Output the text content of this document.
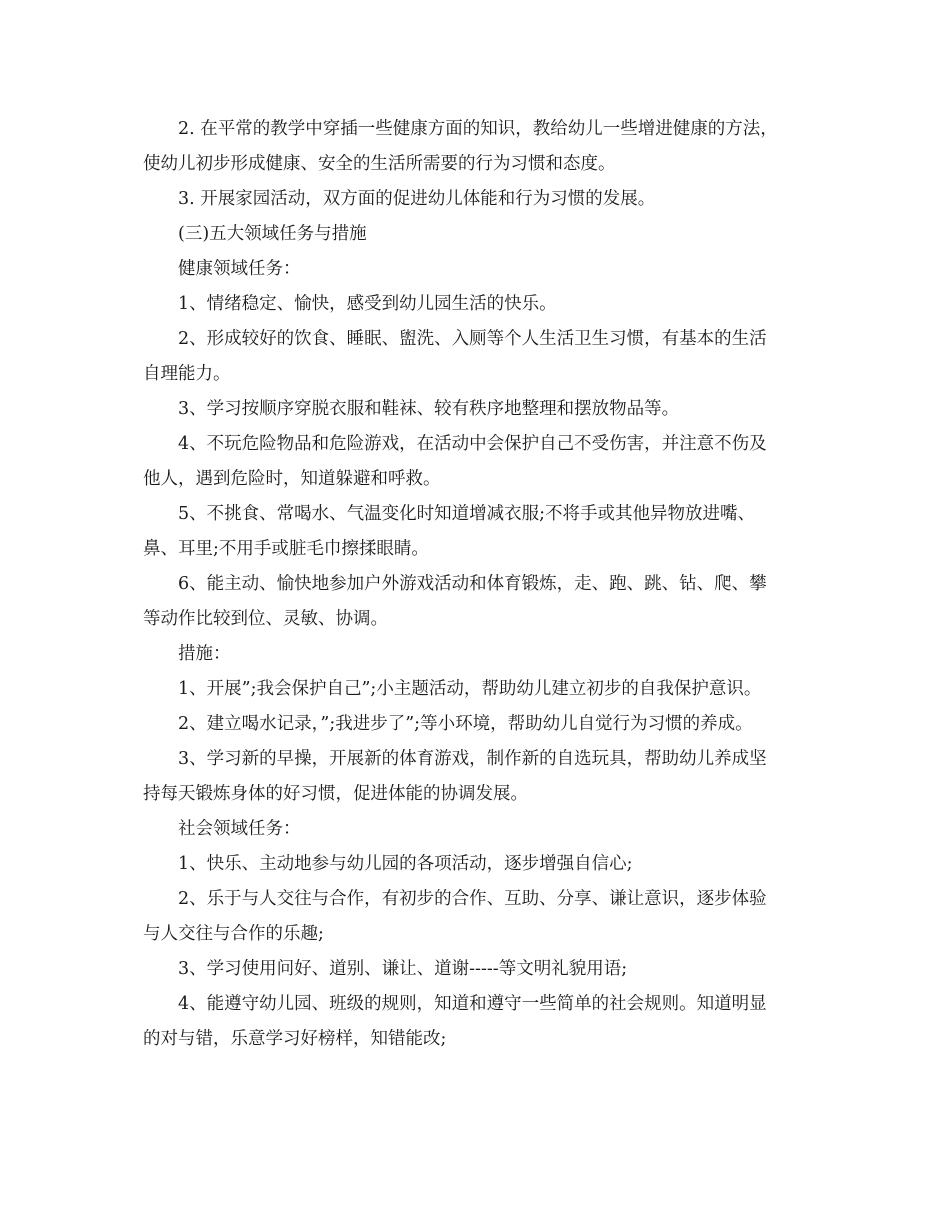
2. 在平常的教学中穿插一些健康方面的知识，教给幼儿一些增进健康的方法，
使幼儿初步形成健康、安全的生活所需要的行为习惯和态度。
3. 开展家园活动，双方面的促进幼儿体能和行为习惯的发展。
(三)五大领域任务与措施
健康领域任务：
1、情绪稳定、愉快，感受到幼儿园生活的快乐。
2、形成较好的饮食、睡眠、盥洗、入厕等个人生活卫生习惯，有基本的生活
自理能力。
3、学习按顺序穿脱衣服和鞋袜、较有秩序地整理和摆放物品等。
4、不玩危险物品和危险游戏，在活动中会保护自己不受伤害，并注意不伤及
他人，遇到危险时，知道躲避和呼救。
5、不挑食、常喝水、气温变化时知道增减衣服;不将手或其他异物放进嘴、
鼻、耳里;不用手或脏毛巾擦揉眼睛。
6、能主动、愉快地参加户外游戏活动和体育锻炼，走、跑、跳、钻、爬、攀
等动作比较到位、灵敏、协调。
措施：
1、开展”;我会保护自己”;小主题活动，帮助幼儿建立初步的自我保护意识。
2、建立喝水记录，”;我进步了”;等小环境，帮助幼儿自觉行为习惯的养成。
3、学习新的早操，开展新的体育游戏，制作新的自选玩具，帮助幼儿养成坚
持每天锻炼身体的好习惯，促进体能的协调发展。
社会领域任务：
1、快乐、主动地参与幼儿园的各项活动，逐步增强自信心;
2、乐于与人交往与合作，有初步的合作、互助、分享、谦让意识，逐步体验
与人交往与合作的乐趣;
3、学习使用问好、道别、谦让、道谢-----等文明礼貌用语;
4、能遵守幼儿园、班级的规则，知道和遵守一些简单的社会规则。知道明显
的对与错，乐意学习好榜样，知错能改;
